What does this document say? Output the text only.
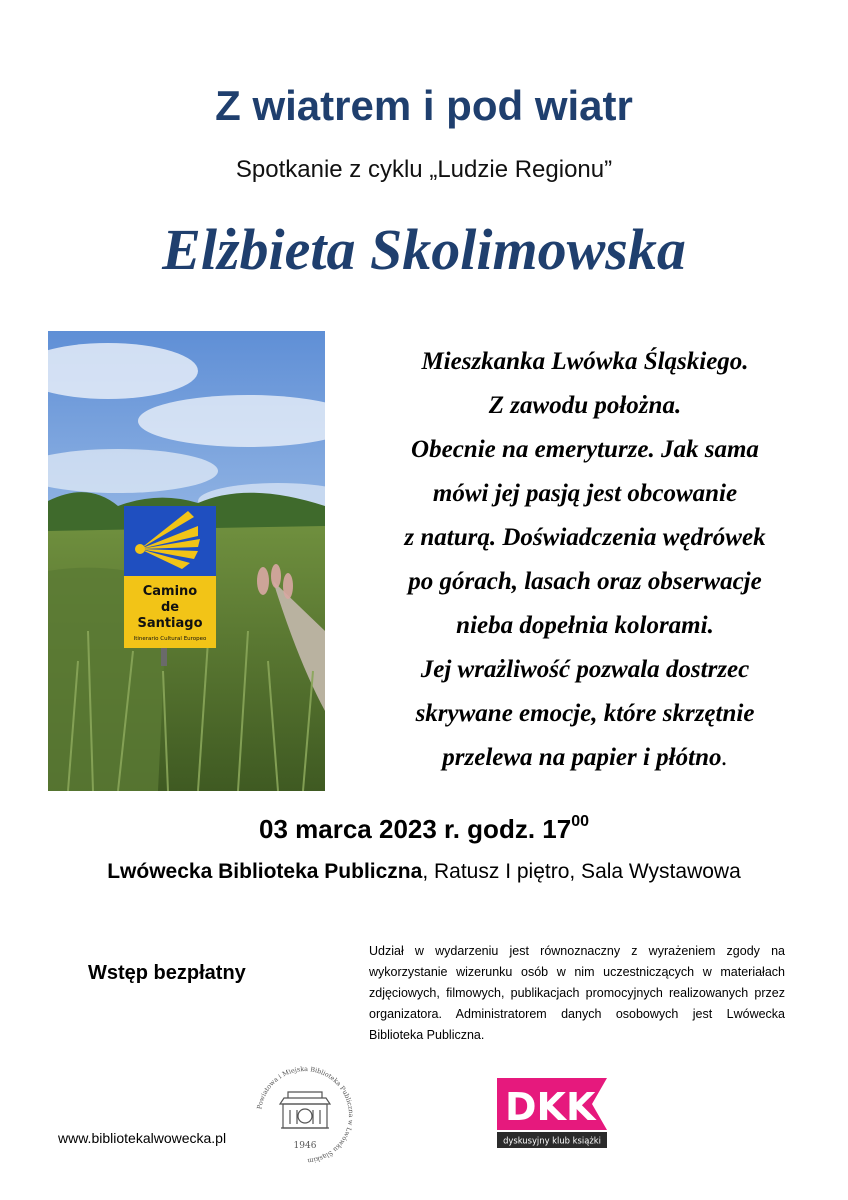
Z wiatrem i pod wiatr
Spotkanie z cyklu „Ludzie Regionu”
Elżbieta Skolimowska
Camino
de
Santiago
Itinerario Cultural Europeo
Mieszkanka Lwówka Śląskiego.
Z zawodu położna.
Obecnie na emeryturze. Jak sama
mówi jej pasją jest obcowanie
z naturą. Doświadczenia wędrówek
po górach, lasach oraz obserwacje
nieba dopełnia kolorami.
Jej wrażliwość pozwala dostrzec
skrywane emocje, które skrzętnie
przelewa na papier i płótno.
03 marca 2023 r. godz. $17^{00}$
Lwówecka Biblioteka Publiczna, Ratusz I piętro, Sala Wystawowa
Wstęp bezpłatny
Udział w wydarzeniu jest równoznaczny z wyrażeniem zgody na wykorzystanie wizerunku osób w nim uczestniczących w materiałach zdjęciowych, filmowych, publikacjach promocyjnych realizowanych przez organizatora. Administratorem danych osobowych jest Lwówecka Biblioteka Publiczna.
www.bibliotekalwowecka.pl
Powiatowa i Miejska Biblioteka Publiczna w Lwówku Śląskim
1946
DKK
dyskusyjny klub książki
